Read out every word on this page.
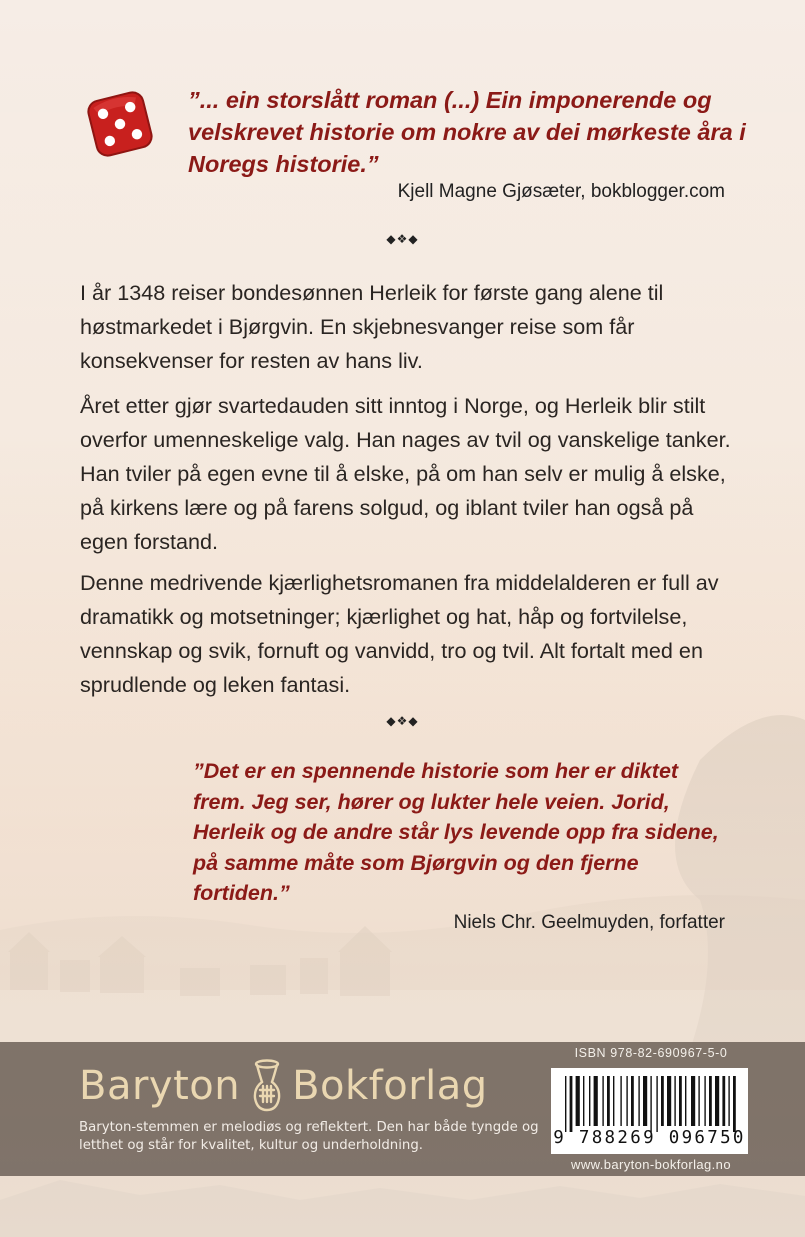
”... ein storslått roman (...) Ein imponerende og velskrevet historie om nokre av dei mørkeste åra i Noregs historie.”
Kjell Magne Gjøsæter, bokblogger.com
◆❖◆

I år 1348 reiser bondesønnen Herleik for første gang alene til høstmarkedet i Bjørgvin. En skjebnesvanger reise som får konsekvenser for resten av hans liv.

Året etter gjør svartedauden sitt inntog i Norge, og Herleik blir stilt overfor umenneskelige valg. Han nages av tvil og vanskelige tanker. Han tviler på egen evne til å elske, på om han selv er mulig å elske, på kirkens lære og på farens solgud, og iblant tviler han også på egen forstand.

Denne medrivende kjærlighetsromanen fra middelalderen er full av dramatikk og motsetninger; kjærlighet og hat, håp og fortvilelse, vennskap og svik, fornuft og vanvidd, tro og tvil. Alt fortalt med en sprudlende og leken fantasi.

◆❖◆
”Det er en spennende historie som her er diktet frem. Jeg ser, hører og lukter hele veien. Jorid, Herleik og de andre står lys levende opp fra sidene, på samme måte som Bjørgvin og den fjerne fortiden.”
Niels Chr. Geelmuyden, forfatter
Baryton Bokforlag
Baryton-stemmen er melodiøs og reflektert. Den har både tyngde og letthet og står for kvalitet, kultur og underholdning.
ISBN 978-82-690967-5-0
9 788269 096750
www.baryton-bokforlag.no
